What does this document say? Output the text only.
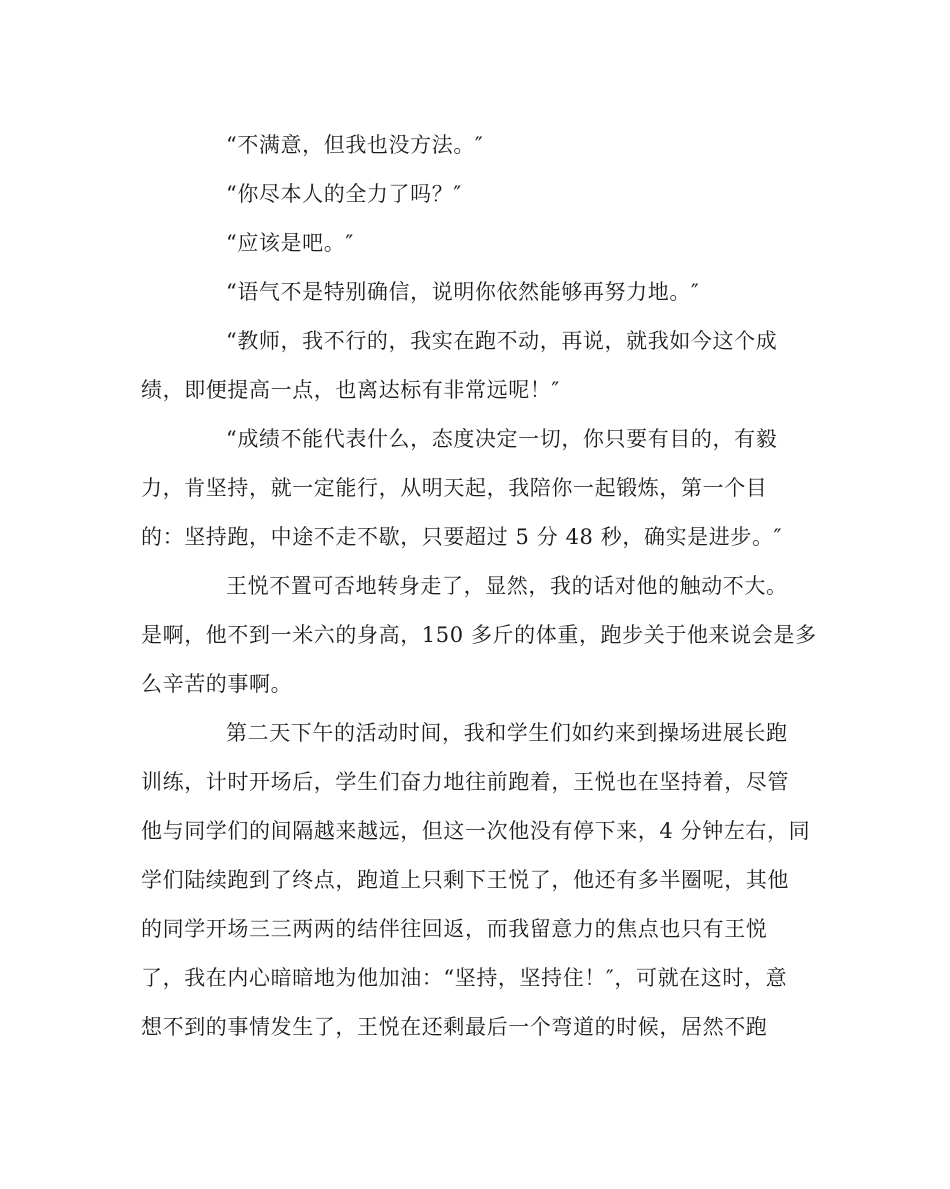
“不满意，但我也没方法。″
“你尽本人的全力了吗？″
“应该是吧。″
“语气不是特别确信，说明你依然能够再努力地。″
“教师，我不行的，我实在跑不动，再说，就我如今这个成
绩，即便提高一点，也离达标有非常远呢！″
“成绩不能代表什么，态度决定一切，你只要有目的，有毅
力，肯坚持，就一定能行，从明天起，我陪你一起锻炼，第一个目
的：坚持跑，中途不走不歇，只要超过 5 分 48 秒，确实是进步。″
王悦不置可否地转身走了，显然，我的话对他的触动不大。
是啊，他不到一米六的身高，150 多斤的体重，跑步关于他来说会是多
么辛苦的事啊。
第二天下午的活动时间，我和学生们如约来到操场进展长跑
训练，计时开场后，学生们奋力地往前跑着，王悦也在坚持着，尽管
他与同学们的间隔越来越远，但这一次他没有停下来，4 分钟左右，同
学们陆续跑到了终点，跑道上只剩下王悦了，他还有多半圈呢，其他
的同学开场三三两两的结伴往回返，而我留意力的焦点也只有王悦
了，我在内心暗暗地为他加油：“坚持，坚持住！″，可就在这时，意
想不到的事情发生了，王悦在还剩最后一个弯道的时候，居然不跑
